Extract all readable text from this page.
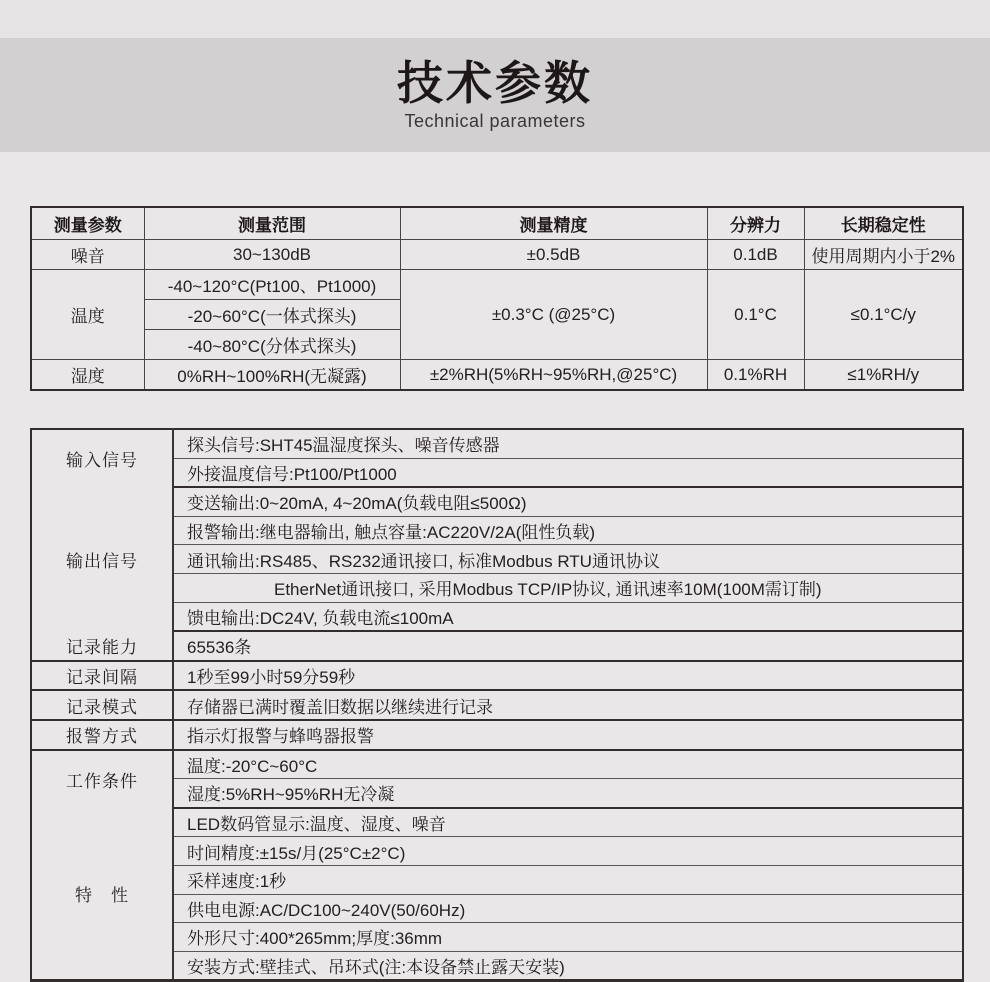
技术参数
Technical parameters
测量参数	测量范围	测量精度	分辨力	长期稳定性
噪音	30~130dB	±0.5dB	0.1dB	使用周期内小于2%
温度	-40~120°C(Pt100、Pt1000)	±0.3°C (@25°C)	0.1°C	≤0.1°C/y
	-20~60°C(一体式探头)			
	-40~80°C(分体式探头)			
湿度	0%RH~100%RH(无凝露)	±2%RH(5%RH~95%RH,@25°C)	0.1%RH	≤1%RH/y
输入信号	探头信号:SHT45温湿度探头、噪音传感器
	外接温度信号:Pt100/Pt1000
输出信号	变送输出:0~20mA, 4~20mA(负载电阻≤500Ω)
	报警输出:继电器输出, 触点容量:AC220V/2A(阻性负载)
	通讯输出:RS485、RS232通讯接口, 标准Modbus RTU通讯协议
	EtherNet通讯接口, 采用Modbus TCP/IP协议, 通讯速率10M(100M需订制)
	馈电输出:DC24V, 负载电流≤100mA
记录能力	65536条
记录间隔	1秒至99小时59分59秒
记录模式	存储器已满时覆盖旧数据以继续进行记录
报警方式	指示灯报警与蜂鸣器报警
工作条件	温度:-20°C~60°C
	湿度:5%RH~95%RH无冷凝
特　性	LED数码管显示:温度、湿度、噪音
	时间精度:±15s/月(25°C±2°C)
	采样速度:1秒
	供电电源:AC/DC100~240V(50/60Hz)
	外形尺寸:400*265mm;厚度:36mm
	安装方式:壁挂式、吊环式(注:本设备禁止露天安装)
